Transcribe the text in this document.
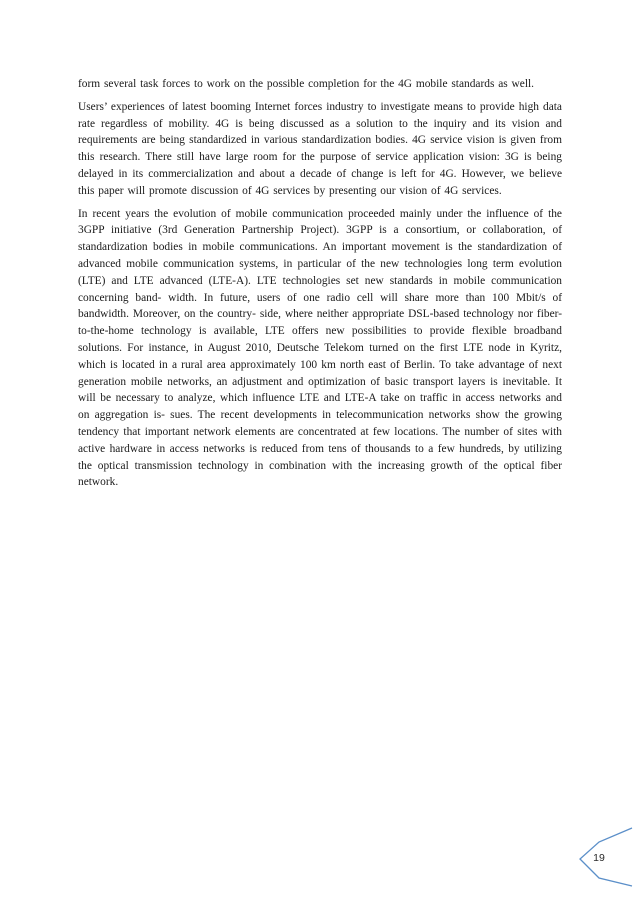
form several task forces to work on the possible completion for the 4G mobile standards as well.

Users’ experiences of latest booming Internet forces industry to investigate means to provide high data rate regardless of mobility. 4G is being discussed as a solution to the inquiry and its vision and requirements are being standardized in various standardization bodies. 4G service vision is given from this research. There still have large room for the purpose of service application vision: 3G is being delayed in its commercialization and about a decade of change is left for 4G. However, we believe this paper will promote discussion of 4G services by presenting our vision of 4G services.

In recent years the evolution of mobile communication proceeded mainly under the influence of the 3GPP initiative (3rd Generation Partnership Project). 3GPP is a consortium, or collaboration, of standardization bodies in mobile communications. An important movement is the standardization of advanced mobile communication systems, in particular of the new technologies long term evolution (LTE) and LTE advanced (LTE-A). LTE technologies set new standards in mobile communication concerning band- width. In future, users of one radio cell will share more than 100 Mbit/s of bandwidth. Moreover, on the country- side, where neither appropriate DSL-based technology nor fiber-to-the-home technology is available, LTE offers new possibilities to provide flexible broadband solutions. For instance, in August 2010, Deutsche Telekom turned on the first LTE node in Kyritz, which is located in a rural area approximately 100 km north east of Berlin. To take advantage of next generation mobile networks, an adjustment and optimization of basic transport layers is inevitable. It will be necessary to analyze, which influence LTE and LTE-A take on traffic in access networks and on aggregation is- sues. The recent developments in telecommunication networks show the growing tendency that important network elements are concentrated at few locations. The number of sites with active hardware in access networks is reduced from tens of thousands to a few hundreds, by utilizing the optical transmission technology in combination with the increasing growth of the optical fiber network.

19
